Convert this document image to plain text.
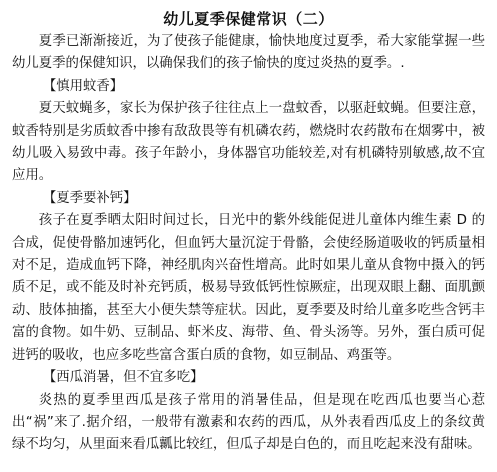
幼儿夏季保健常识（二）

夏季已渐渐接近，为了使孩子能健康，愉快地度过夏季，希大家能掌握一些幼儿夏季的保健知识，以确保我们的孩子愉快的度过炎热的夏季。.

【慎用蚊香】

夏天蚊蝇多，家长为保护孩子往往点上一盘蚊香，以驱赶蚊蝇。但要注意，蚊香特别是劣质蚊香中掺有敌敌畏等有机磷农药，燃烧时农药散布在烟雾中，被幼儿吸入易致中毒。孩子年龄小，身体器官功能较差,对有机磷特别敏感,故不宜应用。

【夏季要补钙】

孩子在夏季晒太阳时间过长，日光中的紫外线能促进儿童体内维生素 D 的合成，促使骨骼加速钙化，但血钙大量沉淀于骨骼，会使经肠道吸收的钙质量相对不足，造成血钙下降，神经肌肉兴奋性增高。此时如果儿童从食物中摄入的钙质不足，或不能及时补充钙质，极易导致低钙性惊厥症，出现双眼上翻、面肌颤动、肢体抽搐，甚至大小便失禁等症状。因此，夏季要及时给儿童多吃些含钙丰富的食物。如牛奶、豆制品、虾米皮、海带、鱼、骨头汤等。另外，蛋白质可促进钙的吸收，也应多吃些富含蛋白质的食物，如豆制品、鸡蛋等。

【西瓜消暑，但不宜多吃】

炎热的夏季里西瓜是孩子常用的消暑佳品，但是现在吃西瓜也要当心惹出“祸”来了.据介绍，一般带有激素和农药的西瓜，从外表看西瓜皮上的条纹黄绿不均匀，从里面来看瓜瓤比较红，但瓜子却是白色的，而且吃起来没有甜味。
